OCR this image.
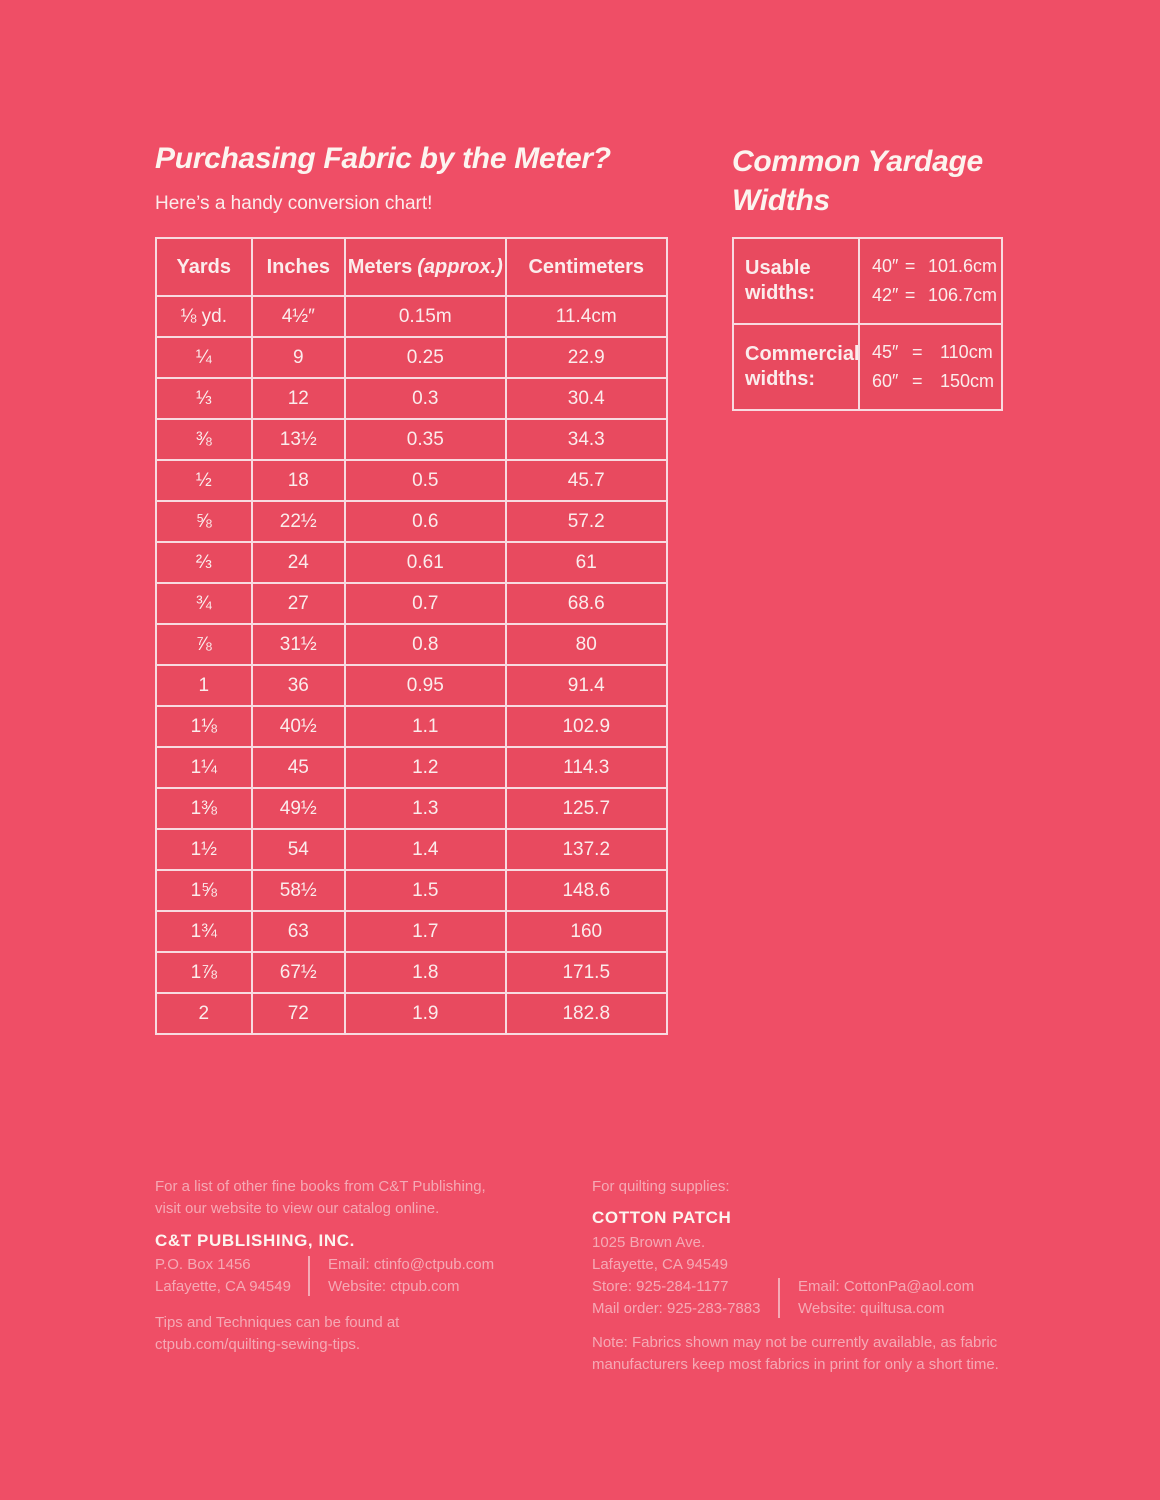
Purchasing Fabric by the Meter?

Here’s a handy conversion chart!

Yards	Inches	Meters (approx.)	Centimeters
⅛ yd.	4½″	0.15m	11.4cm
¼	9	0.25	22.9
⅓	12	0.3	30.4
⅜	13½	0.35	34.3
½	18	0.5	45.7
⅝	22½	0.6	57.2
⅔	24	0.61	61
¾	27	0.7	68.6
⅞	31½	0.8	80
1	36	0.95	91.4
1⅛	40½	1.1	102.9
1¼	45	1.2	114.3
1⅜	49½	1.3	125.7
1½	54	1.4	137.2
1⅝	58½	1.5	148.6
1¾	63	1.7	160
1⅞	67½	1.8	171.5
2	72	1.9	182.8
Common Yardage
Widths
Usable widths:	
40″ = 101.6cm
42″ = 106.7cm

Commercial widths:	
45″ = 110cm
60″ = 150cm
For a list of other fine books from C&T Publishing,
visit our website to view our catalog online.
C&T PUBLISHING, INC.
P.O. Box 1456
Lafayette, CA 94549
Email: ctinfo@ctpub.com
Website: ctpub.com
Tips and Techniques can be found at
ctpub.com/quilting-sewing-tips.
For quilting supplies:
COTTON PATCH
1025 Brown Ave.
Lafayette, CA 94549
Store: 925-284-1177
Mail order: 925-283-7883
Email: CottonPa@aol.com
Website: quiltusa.com
Note: Fabrics shown may not be currently available, as fabric
manufacturers keep most fabrics in print for only a short time.
